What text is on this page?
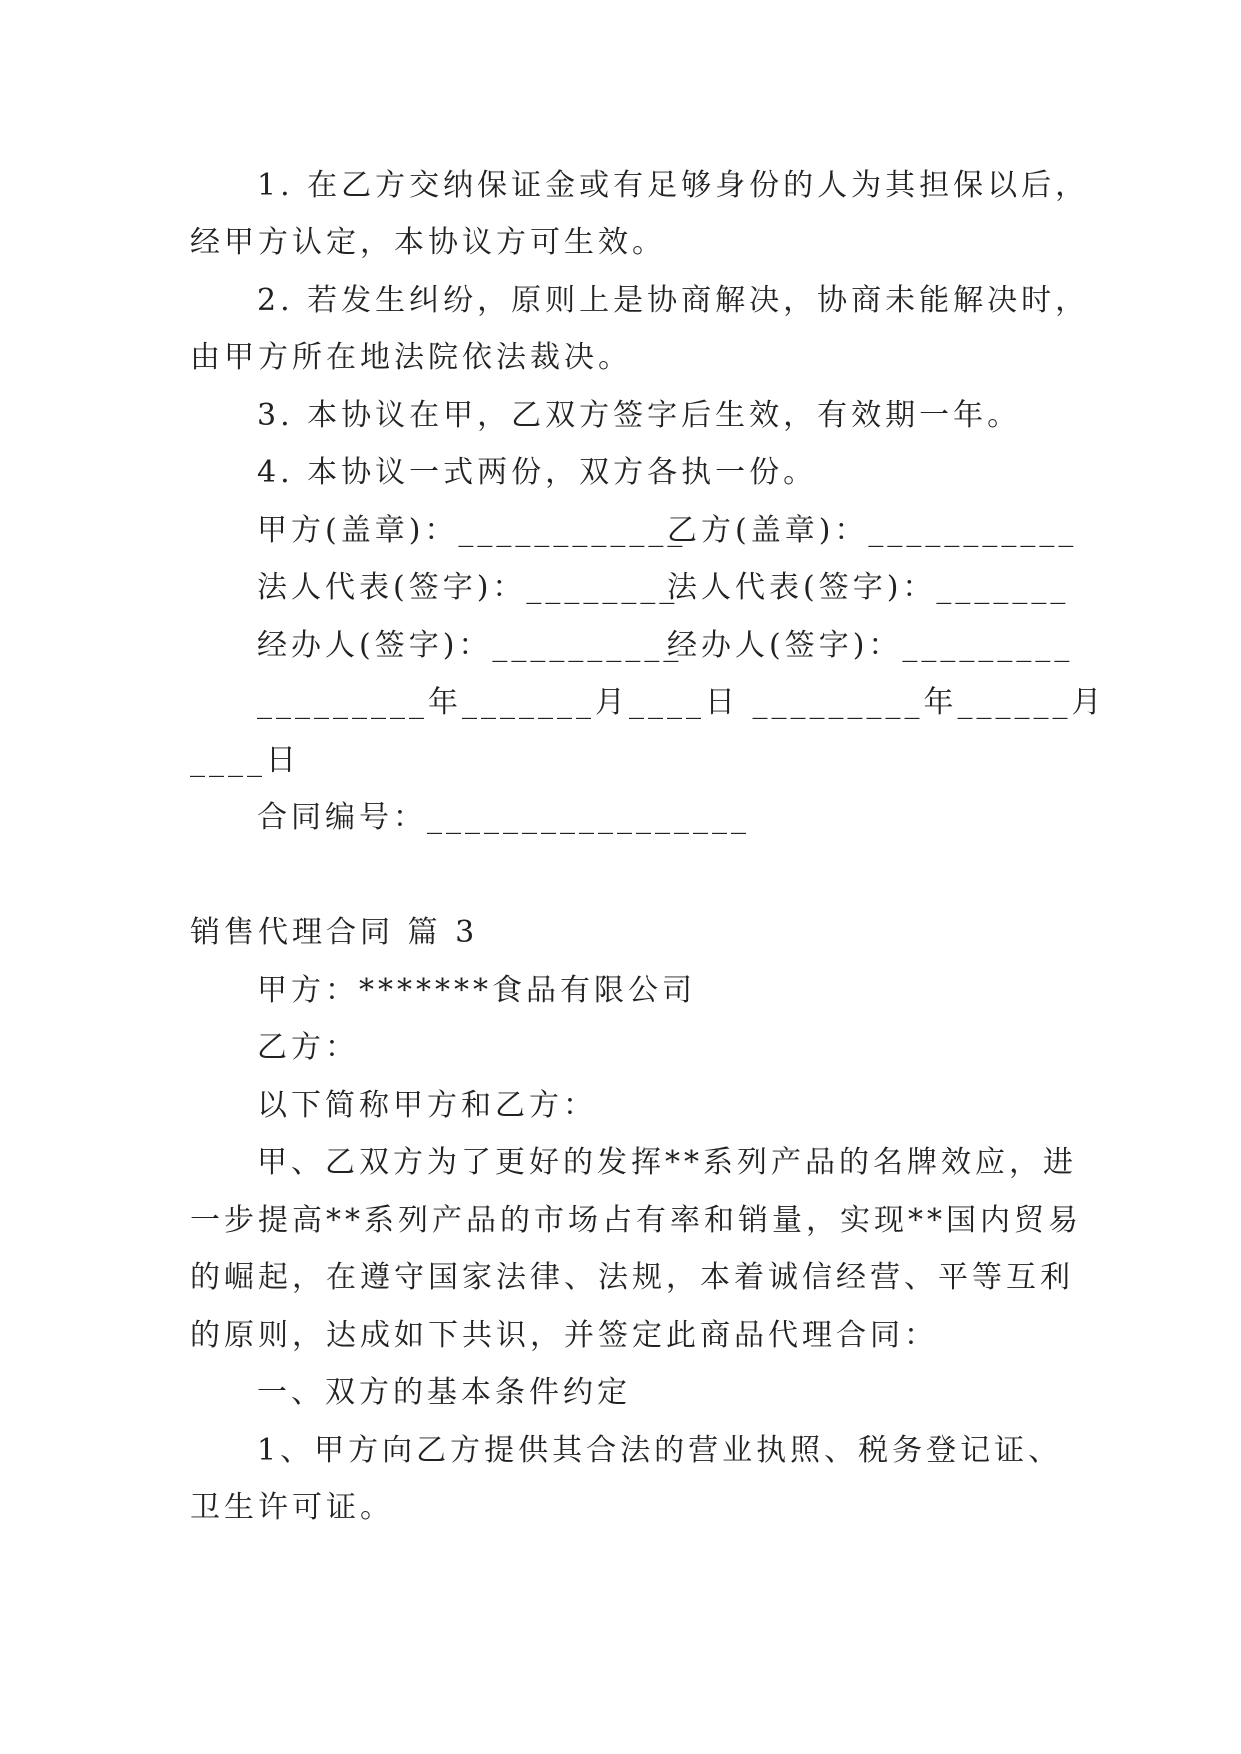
1. 在乙方交纳保证金或有足够身份的人为其担保以后，
经甲方认定，本协议方可生效。
2. 若发生纠纷，原则上是协商解决，协商未能解决时，
由甲方所在地法院依法裁决。
3. 本协议在甲，乙双方签字后生效，有效期一年。
4. 本协议一式两份，双方各执一份。
甲方(盖章)：____________
乙方(盖章)：___________
法人代表(签字)：________
法人代表(签字)：_______
经办人(签字)：__________
经办人(签字)：_________
_________年_______月____日 _________年______月
____日
合同编号：_________________
销售代理合同 篇 3
甲方：*******食品有限公司
乙方：
以下简称甲方和乙方：
甲、乙双方为了更好的发挥**系列产品的名牌效应，进
一步提高**系列产品的市场占有率和销量，实现**国内贸易
的崛起，在遵守国家法律、法规，本着诚信经营、平等互利
的原则，达成如下共识，并签定此商品代理合同：
一、双方的基本条件约定
1、甲方向乙方提供其合法的营业执照、税务登记证、
卫生许可证。
